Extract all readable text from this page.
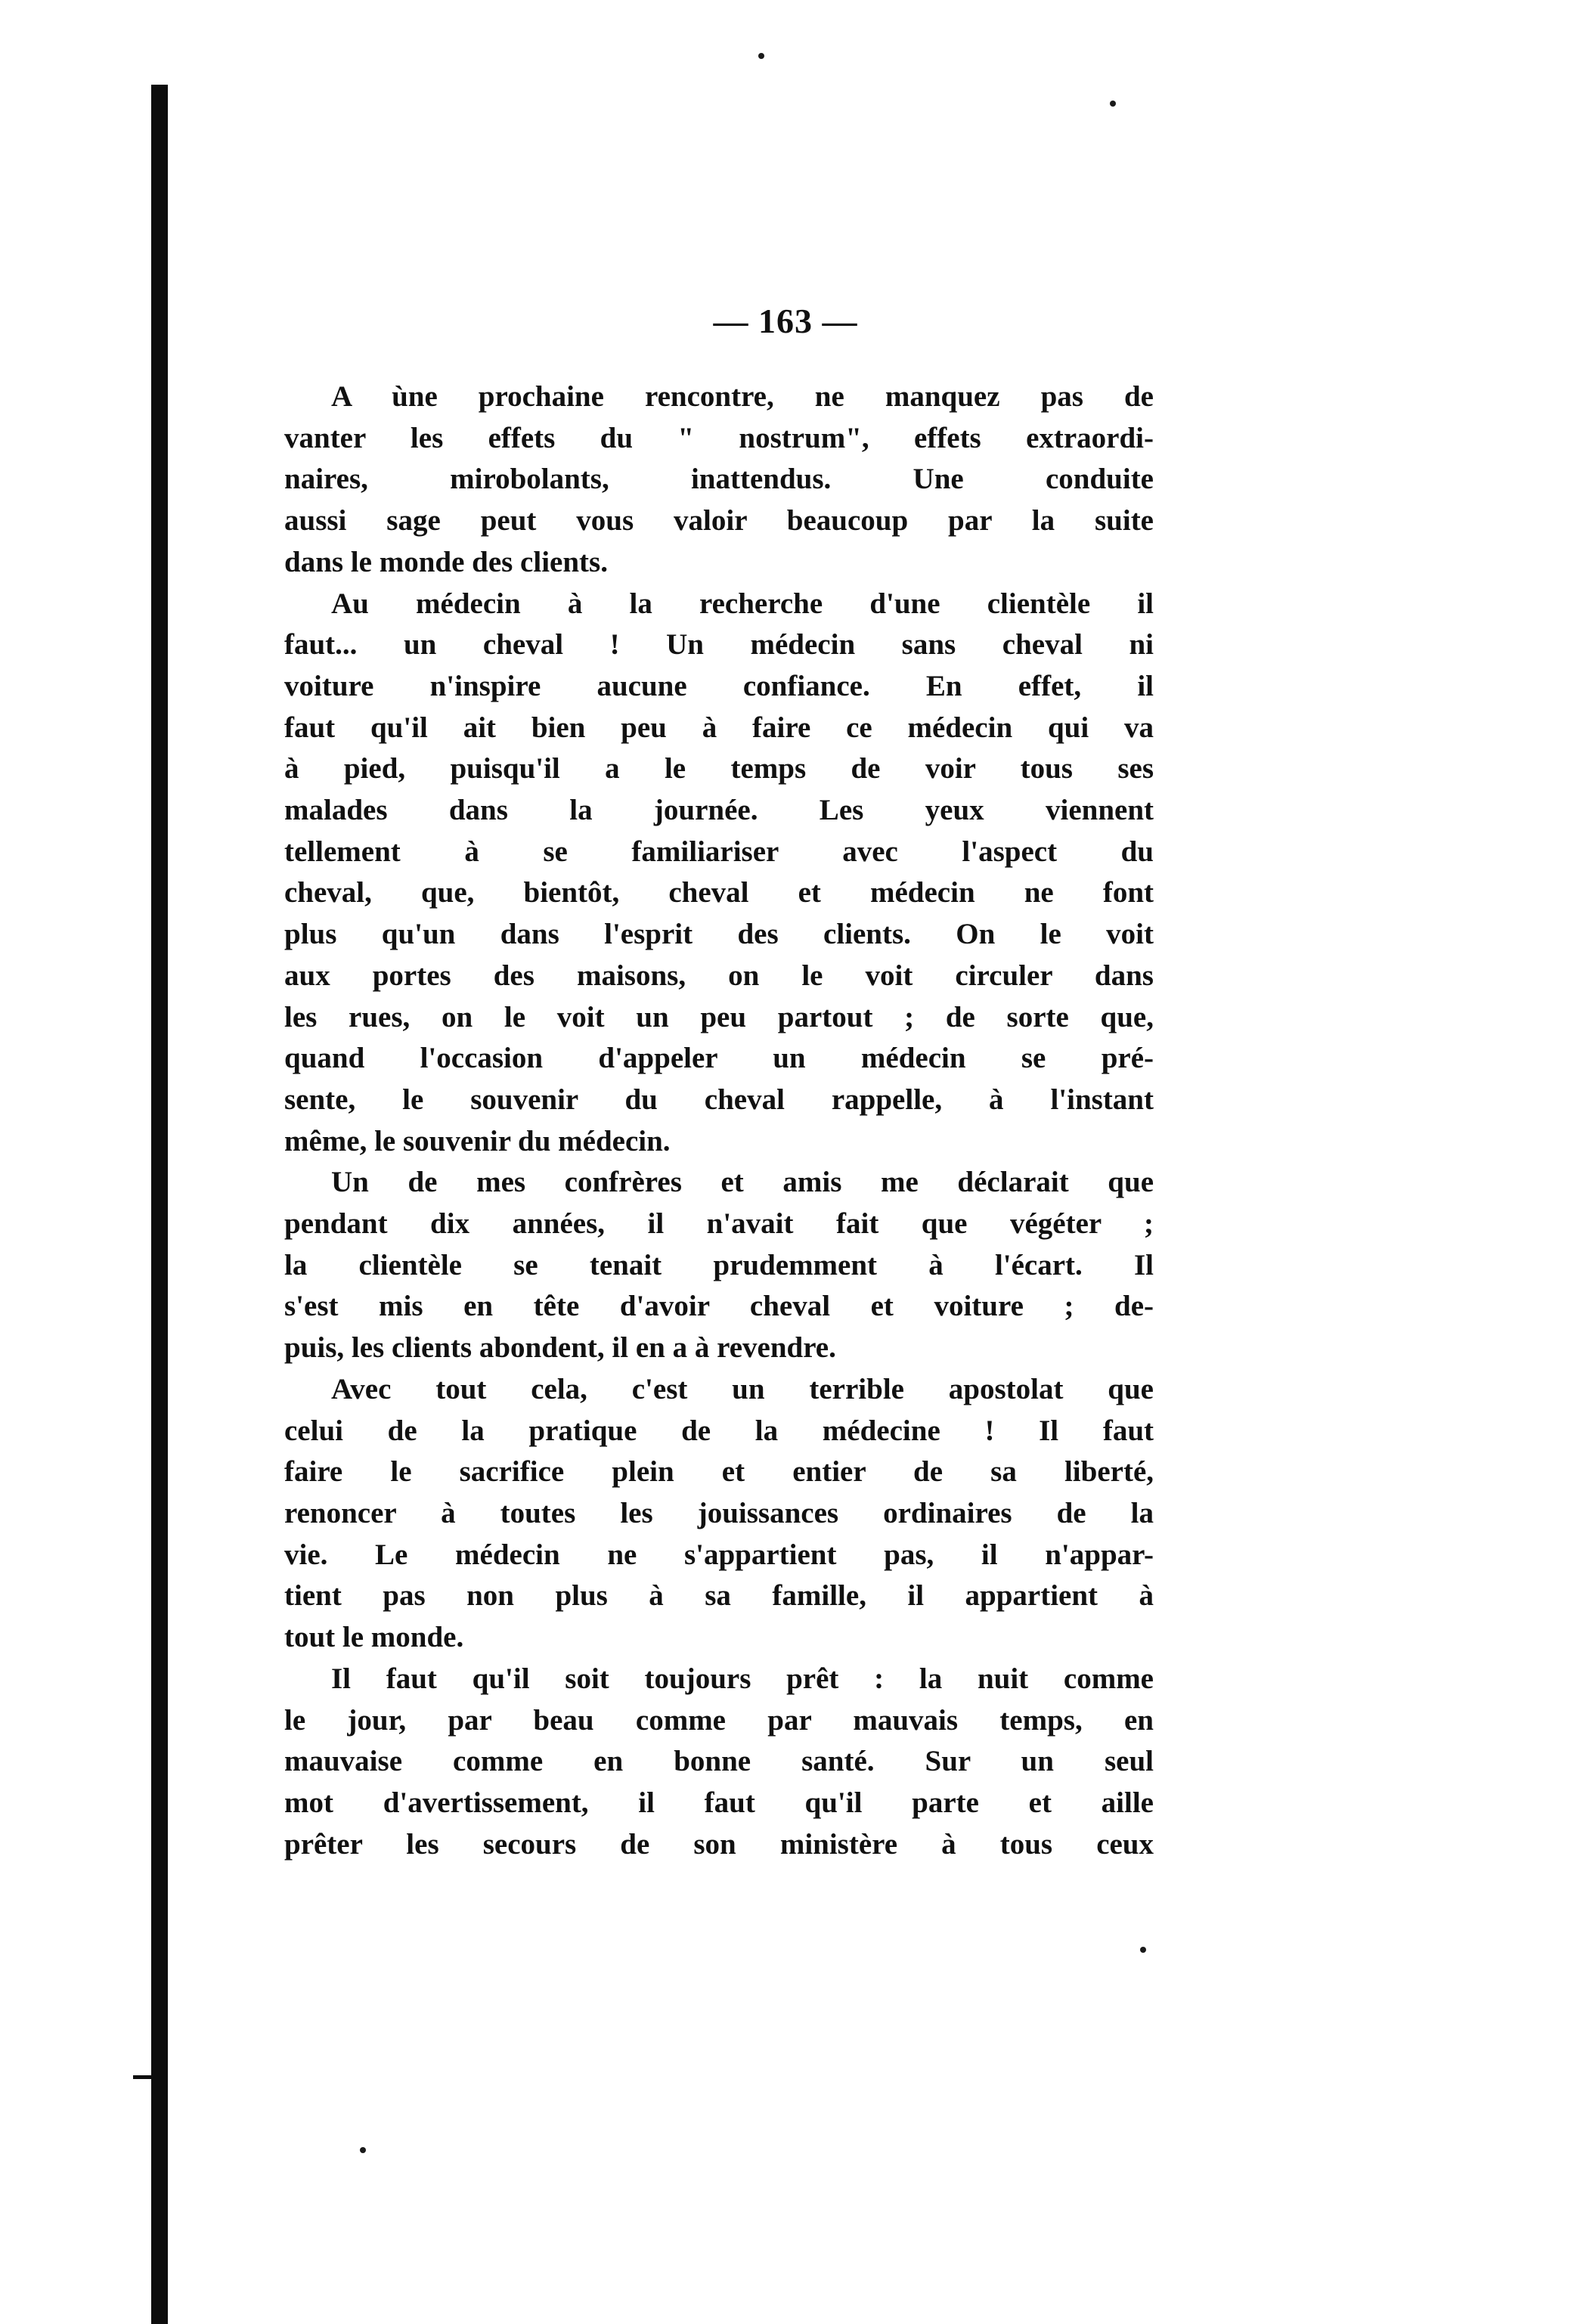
— 163 —
A ùne prochaine rencontre, ne manquez pas de
vanter les effets du " nostrum", effets extraordi-
naires, mirobolants, inattendus. Une conduite
aussi sage peut vous valoir beaucoup par la suite
dans le monde des clients.
Au médecin à la recherche d'une clientèle il
faut... un cheval ! Un médecin sans cheval ni
voiture n'inspire aucune confiance. En effet, il
faut qu'il ait bien peu à faire ce médecin qui va
à pied, puisqu'il a le temps de voir tous ses
malades dans la journée. Les yeux viennent
tellement à se familiariser avec l'aspect du
cheval, que, bientôt, cheval et médecin ne font
plus qu'un dans l'esprit des clients. On le voit
aux portes des maisons, on le voit circuler dans
les rues, on le voit un peu partout ; de sorte que,
quand l'occasion d'appeler un médecin se pré-
sente, le souvenir du cheval rappelle, à l'instant
même, le souvenir du médecin.
Un de mes confrères et amis me déclarait que
pendant dix années, il n'avait fait que végéter ;
la clientèle se tenait prudemment à l'écart. Il
s'est mis en tête d'avoir cheval et voiture ; de-
puis, les clients abondent, il en a à revendre.
Avec tout cela, c'est un terrible apostolat que
celui de la pratique de la médecine ! Il faut
faire le sacrifice plein et entier de sa liberté,
renoncer à toutes les jouissances ordinaires de la
vie. Le médecin ne s'appartient pas, il n'appar-
tient pas non plus à sa famille, il appartient à
tout le monde.
Il faut qu'il soit toujours prêt : la nuit comme
le jour, par beau comme par mauvais temps, en
mauvaise comme en bonne santé. Sur un seul
mot d'avertissement, il faut qu'il parte et aille
prêter les secours de son ministère à tous ceux
